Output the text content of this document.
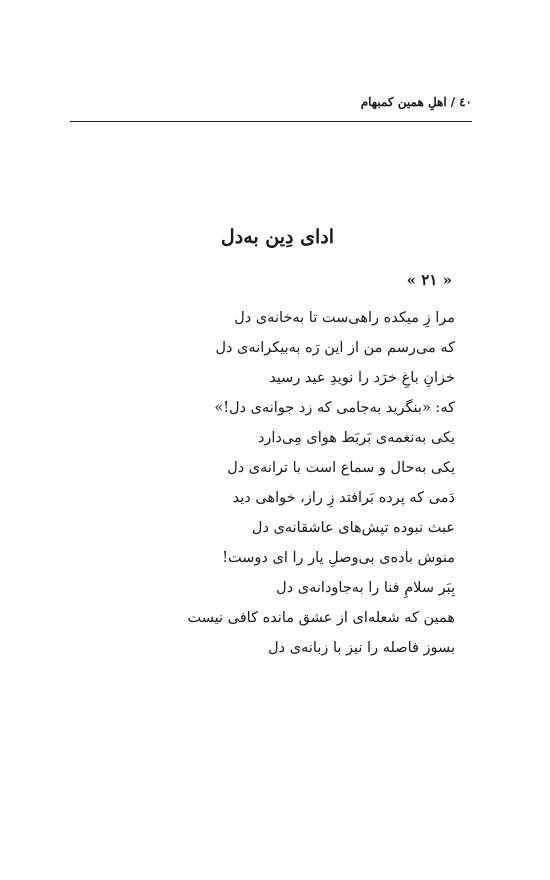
٤٠/اهلِ همین کمبهام
ادای دِین به‌دل
« ۲۱ »
مرا زِ میکده راهی‌ست تا به‌خانه‌ی دل
که می‌رسم من از این رَه به‌بیکرانه‌ی دل
خزانِ باغِ خرَد را نویدِ عید رسید
که: «بنگرید به‌جامی که زد جوانه‌ی دل!»
یکی به‌نغمه‌ی بَربَط هوای مِی‌دارد
یکی به‌حال و سماع است با ترانه‌ی دل
دَمی که پرده بَرافتد زِ راز، خواهی دید
عبث نبوده تپش‌های عاشقانه‌ی دل
منوش باده‌ی بی‌وصلِ یار را ای دوست!
بِبَر سلامِ فنا را به‌جاودانه‌ی دل
همین که شعله‌ای از عشق مانده کافی نیست
بسوز فاصله را نیز با زبانه‌ی دل
